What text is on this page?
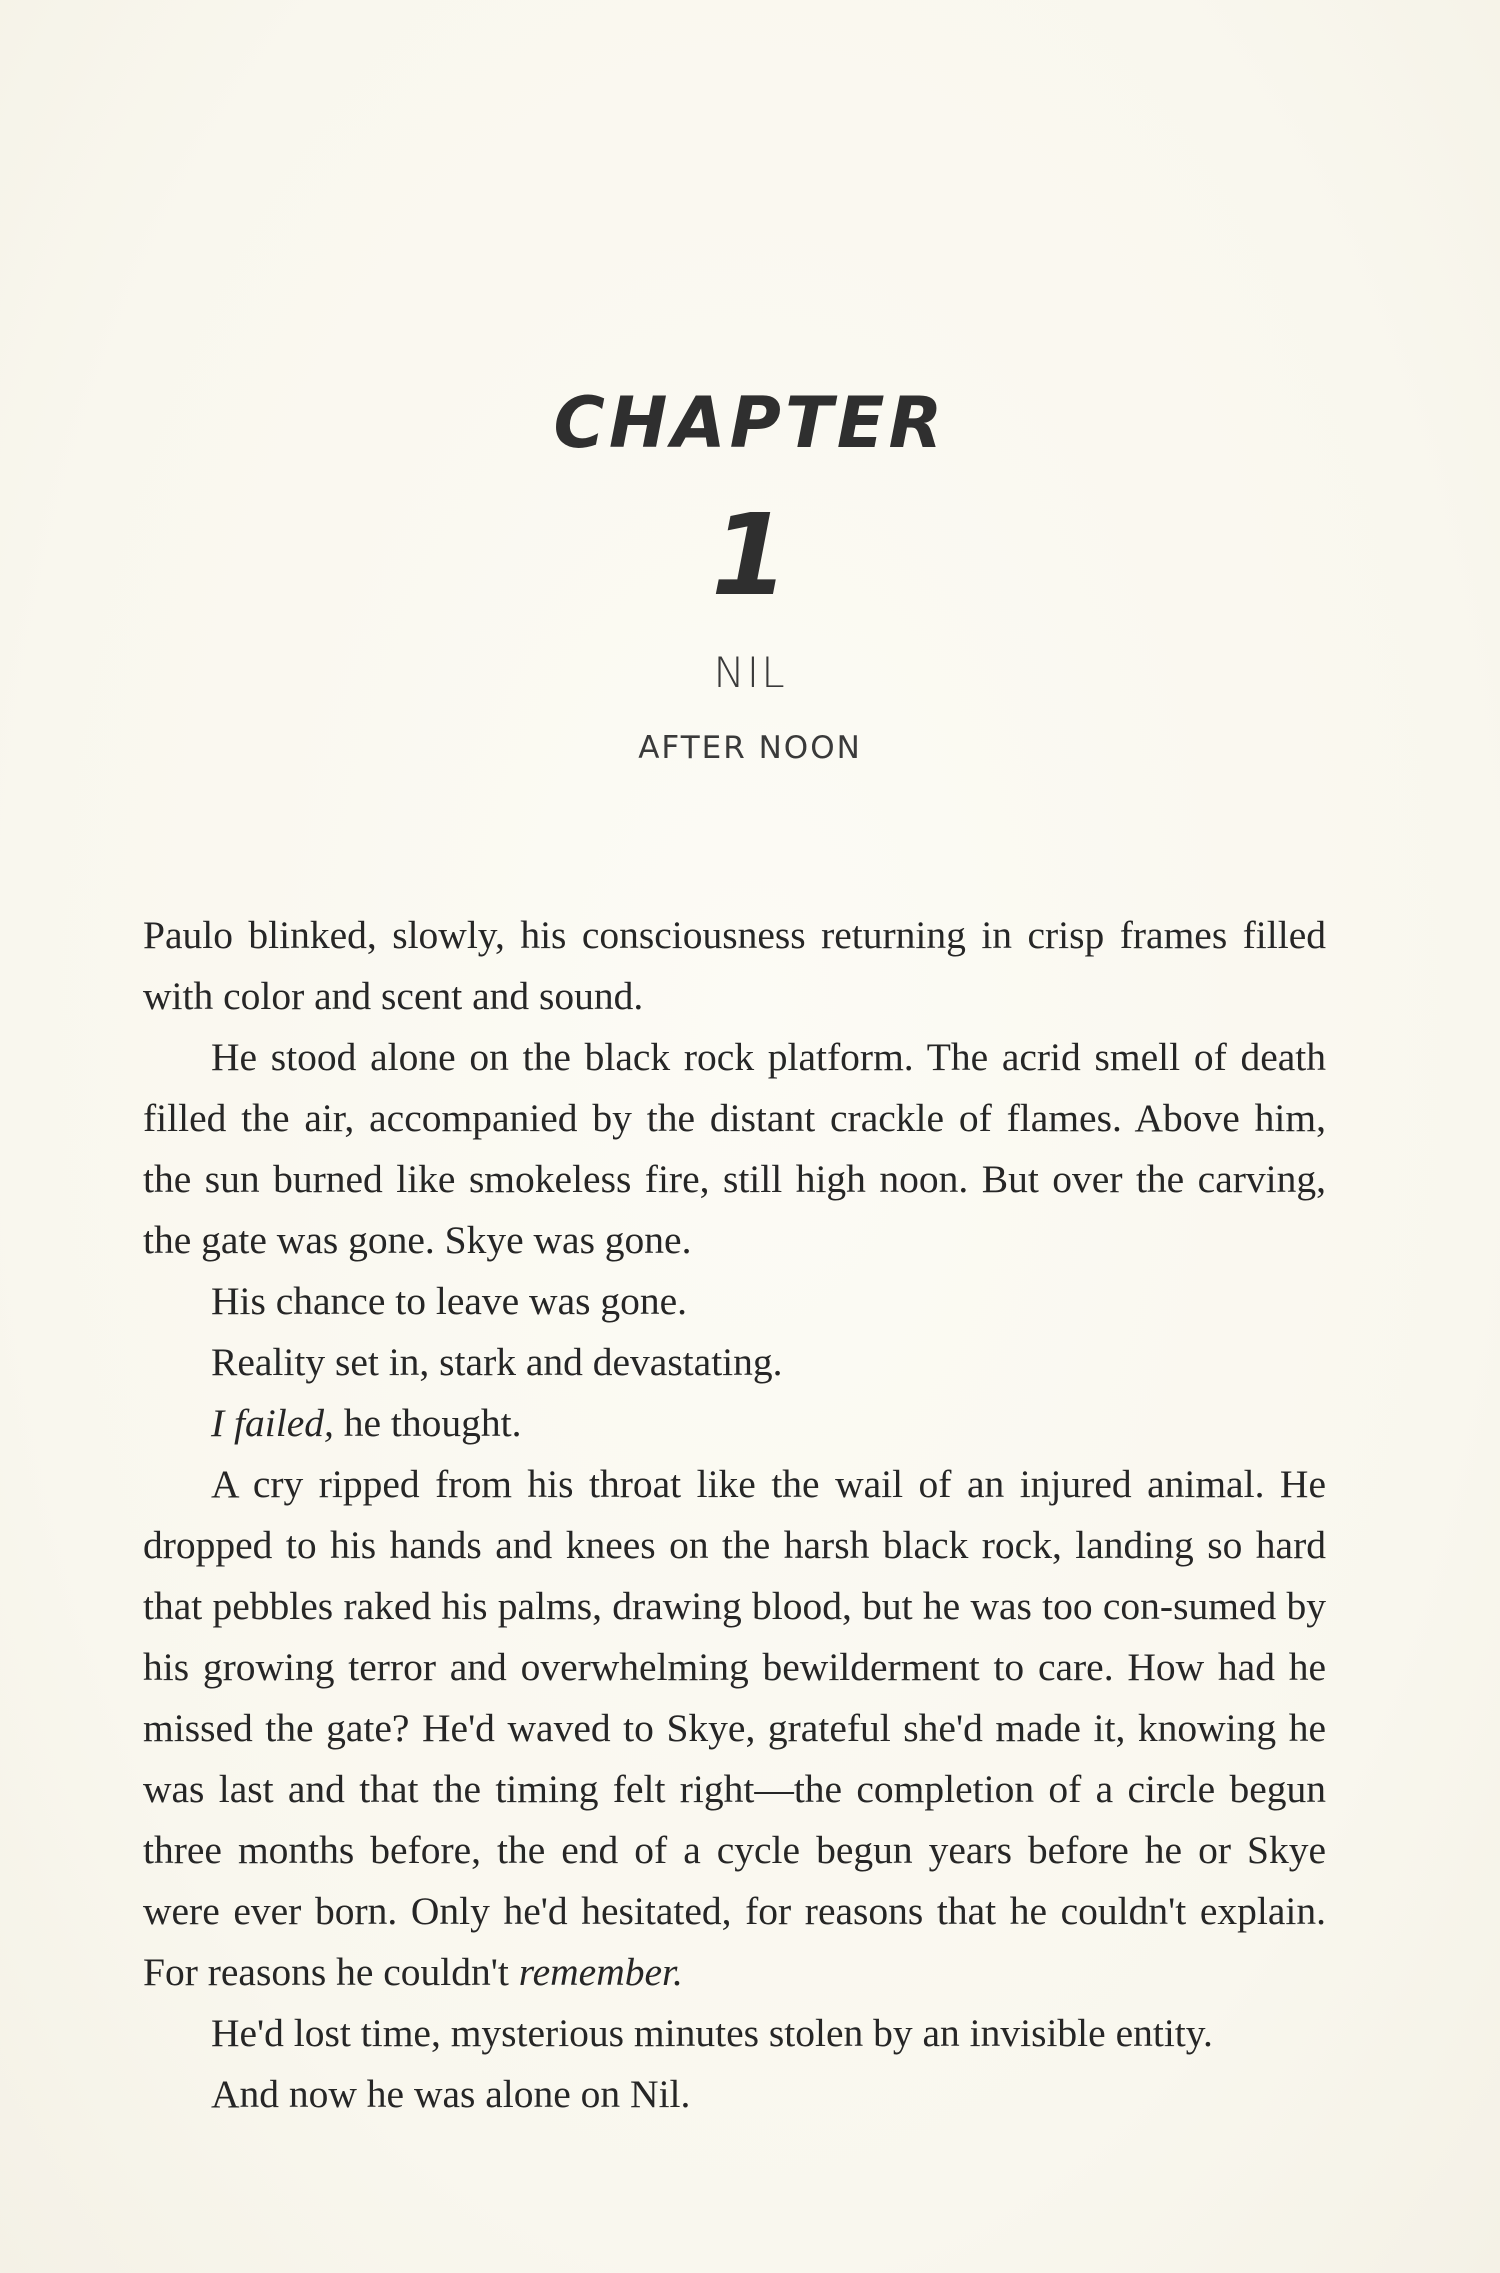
CHAPTER
1
NIL
AFTER NOON

Paulo blinked, slowly, his consciousness returning in crisp frames filled with color and scent and sound.

He stood alone on the black rock platform. The acrid smell of death filled the air, accompanied by the distant crackle of flames. Above him, the sun burned like smokeless fire, still high noon. But over the carving, the gate was gone. Skye was gone.

His chance to leave was gone.

Reality set in, stark and devastating.

I failed, he thought.

A cry ripped from his throat like the wail of an injured animal. He dropped to his hands and knees on the harsh black rock, landing so hard that pebbles raked his palms, drawing blood, but he was too con-sumed by his growing terror and overwhelming bewilderment to care. How had he missed the gate? He'd waved to Skye, grateful she'd made it, knowing he was last and that the timing felt right—the completion of a circle begun three months before, the end of a cycle begun years before he or Skye were ever born. Only he'd hesitated, for reasons that he couldn't explain. For reasons he couldn't remember.

He'd lost time, mysterious minutes stolen by an invisible entity.

And now he was alone on Nil.
